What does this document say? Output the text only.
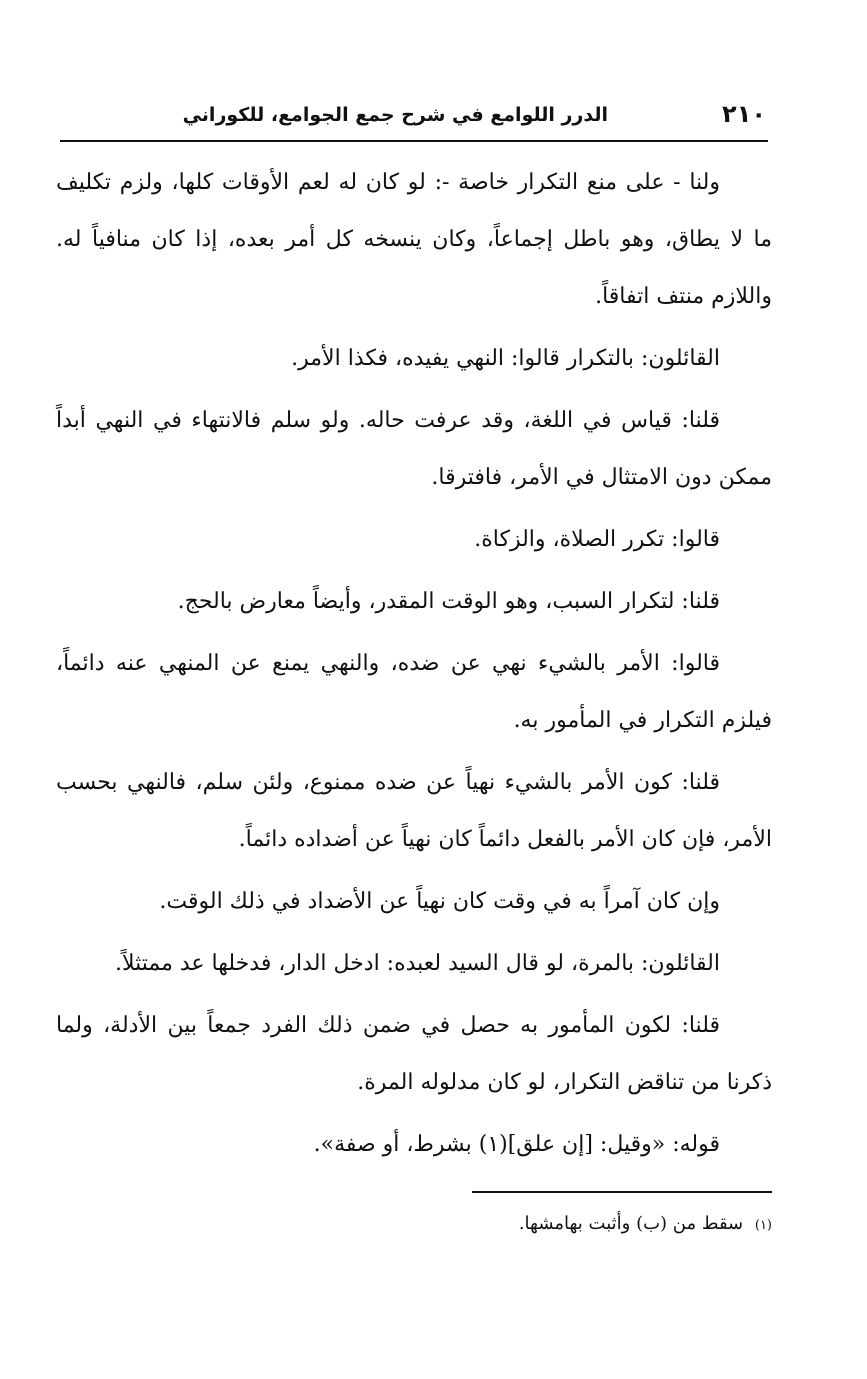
٢١٠
الدرر اللوامع في شرح جمع الجوامع، للكوراني

ولنا - على منع التكرار خاصة -: لو كان له لعم الأوقات كلها، ولزم تكليف ما لا يطاق، وهو باطل إجماعاً، وكان ينسخه كل أمر بعده، إذا كان منافياً له. واللازم منتف اتفاقاً.

القائلون: بالتكرار قالوا: النهي يفيده، فكذا الأمر.

قلنا: قياس في اللغة، وقد عرفت حاله. ولو سلم فالانتهاء في النهي أبداً ممكن دون الامتثال في الأمر، فافترقا.

قالوا: تكرر الصلاة، والزكاة.

قلنا: لتكرار السبب، وهو الوقت المقدر، وأيضاً معارض بالحج.

قالوا: الأمر بالشيء نهي عن ضده، والنهي يمنع عن المنهي عنه دائماً، فيلزم التكرار في المأمور به.

قلنا: كون الأمر بالشيء نهياً عن ضده ممنوع، ولئن سلم، فالنهي بحسب الأمر، فإن كان الأمر بالفعل دائماً كان نهياً عن أضداده دائماً.

وإن كان آمراً به في وقت كان نهياً عن الأضداد في ذلك الوقت.

القائلون: بالمرة، لو قال السيد لعبده: ادخل الدار، فدخلها عد ممتثلاً.

قلنا: لكون المأمور به حصل في ضمن ذلك الفرد جمعاً بين الأدلة، ولما ذكرنا من تناقض التكرار، لو كان مدلوله المرة.

قوله: «وقيل: [إن علق](١) بشرط، أو صفة».

(١) سقط من (ب) وأثبت بهامشها.
